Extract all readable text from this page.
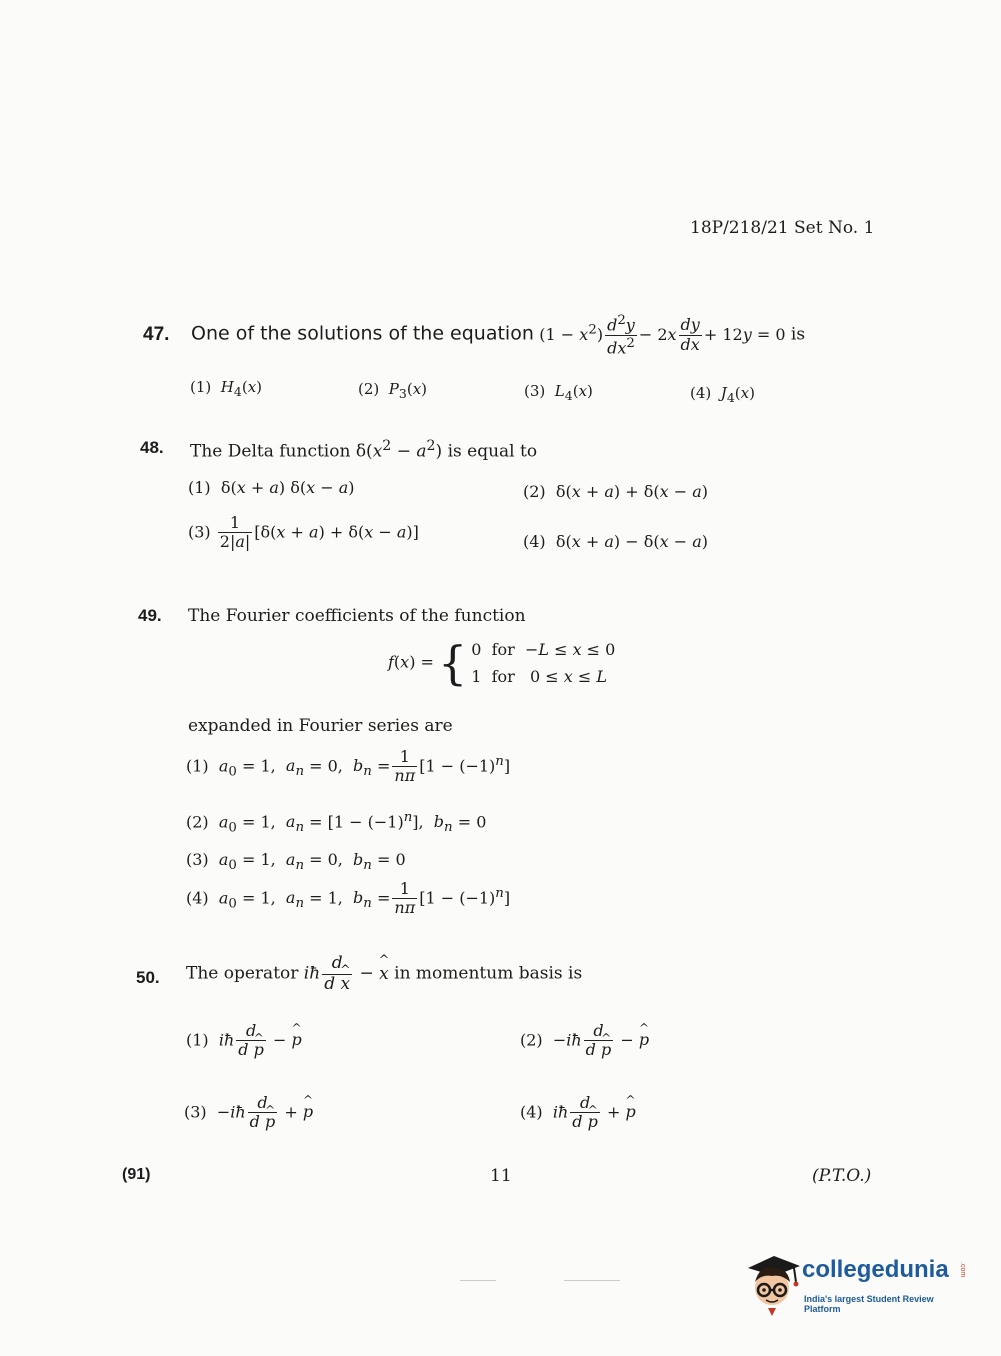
18P/218/21 Set No. 1
47. One of the solutions of the equation $(1 - x^2) \frac{d^2y}{dx^2} - 2x \frac{dy}{dx} + 12y = 0$ is
(1) $H_4(x)$	(2) $P_3(x)$	(3) $L_4(x)$	(4) $J_4(x)$
48. The Delta function $\delta(x^2 - a^2)$ is equal to
(1)  δ(x + a) δ(x − a)	(2)  δ(x + a) + δ(x − a)
$(3) \frac{1}{2|a|} [\delta(x + a) + \delta(x - a)]$
(4)  δ(x + a) − δ(x − a)
49. The Fourier coefficients of the function
f(x) ={ 0  for  −L ≤ x ≤ 0
1  for   0 ≤ x ≤ L
expanded in Fourier series are
(1) $a_0 = 1$,  $a_n = 0$,  $b_n = \frac{1}{n\pi} [1 - (-1)^n]$
(2) $a_0 = 1$,  $a_n = [1 - (-1)^n]$,  $b_n = 0$
(3) $a_0 = 1$,  $a_n = 0$,  $b_n = 0$
(4) $a_0 = 1$,  $a_n = 1$,  $b_n = \frac{1}{n\pi} [1 - (-1)^n]$
50. The operator iħ $\frac{d}{d \^{} x}$ − ^ x in momentum basis is
(1) iħ $\frac{d}{d \^{} p}$ − ^ p	(2)  −iħ $\frac{d}{d \^{} p}$ − ^ p
(3)  −iħ $\frac{d}{d \^{} p}$ + ^ p	(4) iħ $\frac{d}{d \^{} p}$ + ^ p
(91)	11	(P.T.O.)
collegedunia .com
India's largest Student Review Platform
